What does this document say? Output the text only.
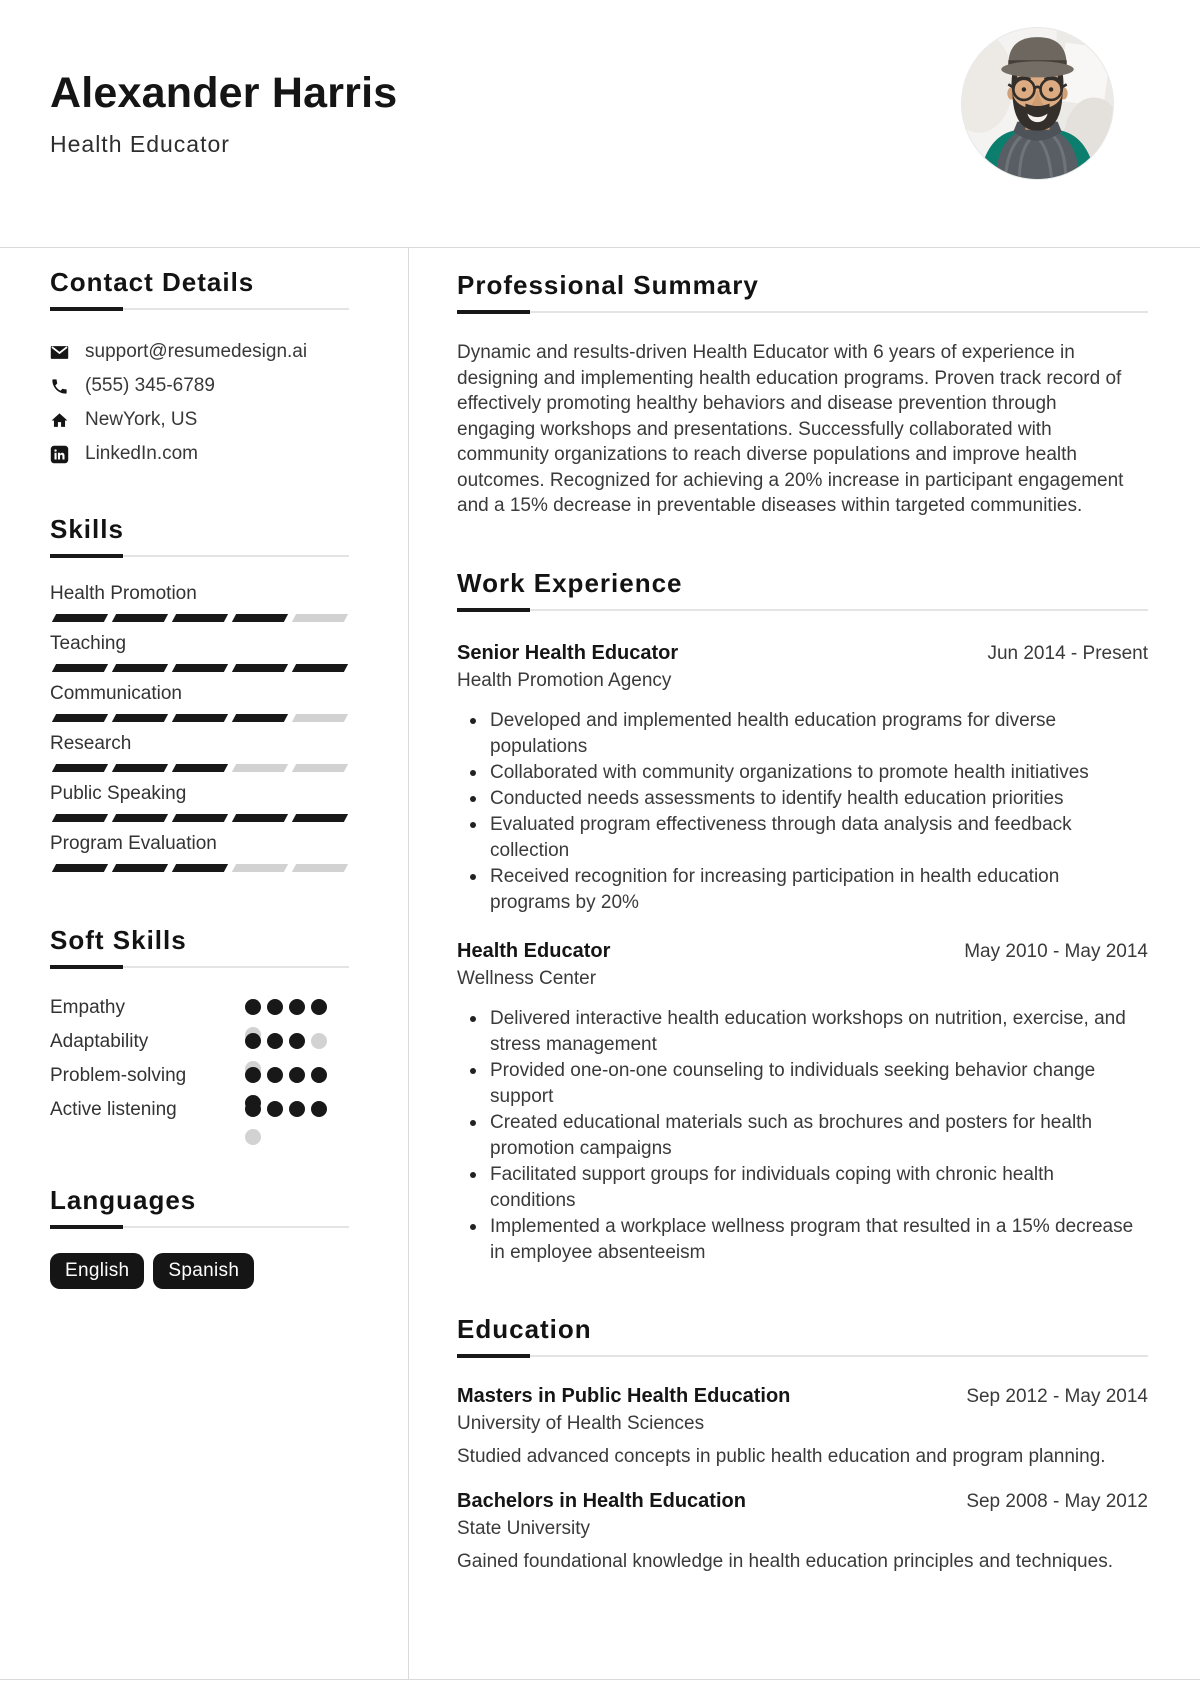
Alexander Harris
Health Educator
Contact Details
support@resumedesign.ai
(555) 345-6789
NewYork, US
LinkedIn.com
Skills
Health Promotion
Teaching
Communication
Research
Public Speaking
Program Evaluation
Soft Skills
Empathy
Adaptability
Problem-solving
Active listening
Languages
English	Spanish
Professional Summary

Dynamic and results-driven Health Educator with 6 years of experience in designing and implementing health education programs. Proven track record of effectively promoting healthy behaviors and disease prevention through engaging workshops and presentations. Successfully collaborated with community organizations to reach diverse populations and improve health outcomes. Recognized for achieving a 20% increase in participant engagement and a 15% decrease in preventable diseases within targeted communities.

Work Experience
Senior Health Educator	Jun 2014 - Present
Health Promotion Agency
Developed and implemented health education programs for diverse populations
Collaborated with community organizations to promote health initiatives
Conducted needs assessments to identify health education priorities
Evaluated program effectiveness through data analysis and feedback collection
Received recognition for increasing participation in health education programs by 20%
Health Educator	May 2010 - May 2014
Wellness Center
Delivered interactive health education workshops on nutrition, exercise, and stress management
Provided one-on-one counseling to individuals seeking behavior change support
Created educational materials such as brochures and posters for health promotion campaigns
Facilitated support groups for individuals coping with chronic health conditions
Implemented a workplace wellness program that resulted in a 15% decrease in employee absenteeism
Education
Masters in Public Health Education	Sep 2012 - May 2014
University of Health Sciences

Studied advanced concepts in public health education and program planning.

Bachelors in Health Education	Sep 2008 - May 2012
State University

Gained foundational knowledge in health education principles and techniques.
